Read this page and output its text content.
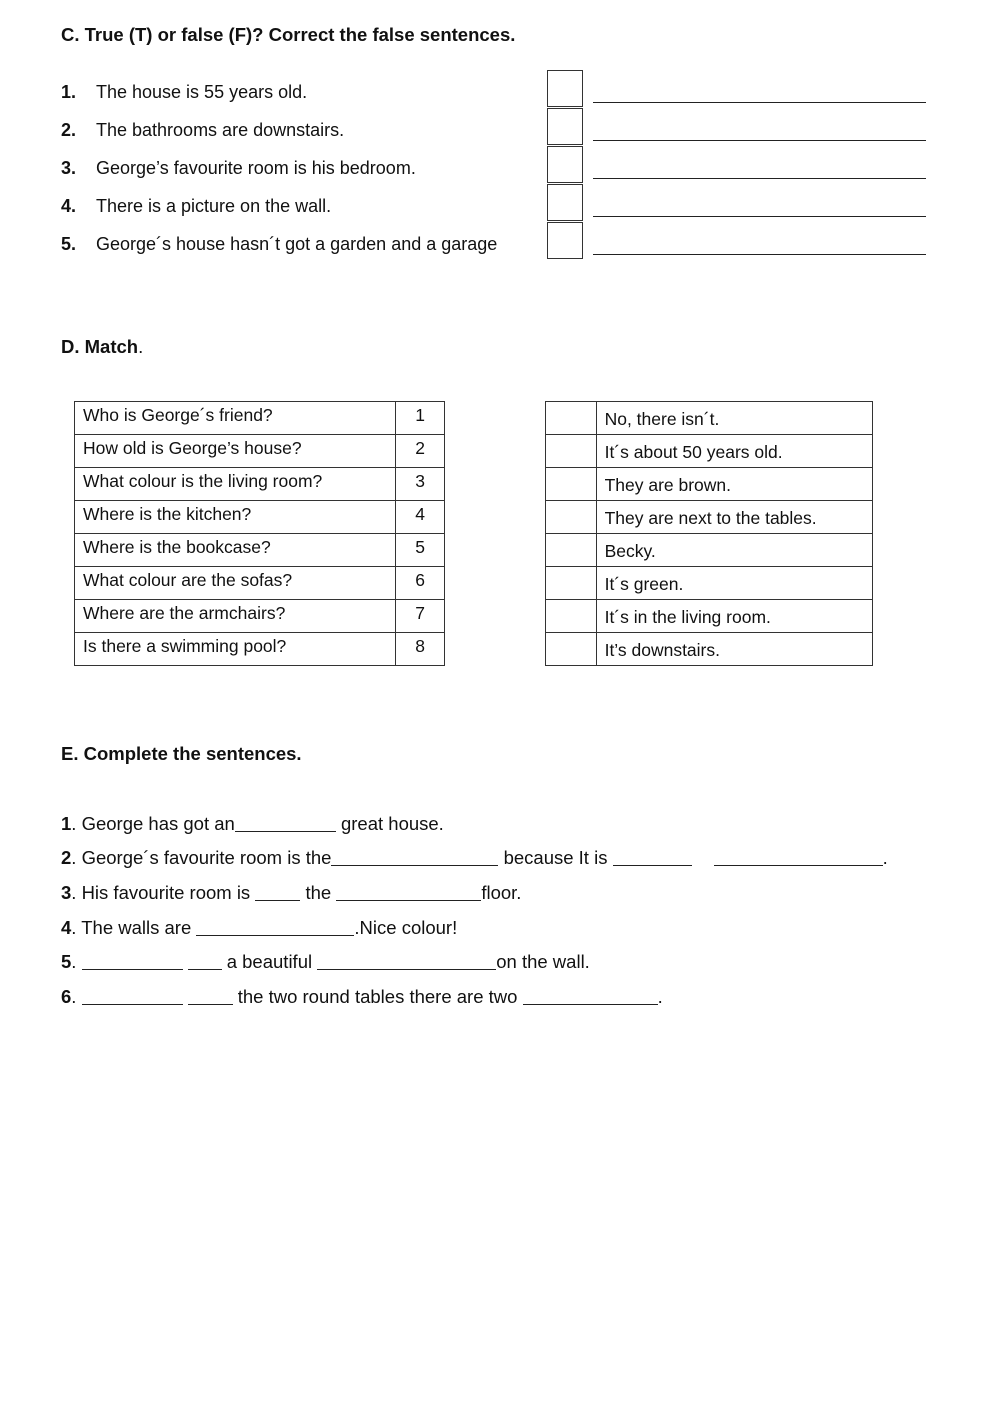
C. True (T) or false (F)? Correct the false sentences.
1. The house is 55 years old.
2. The bathrooms are downstairs.
3. George’s favourite room is his bedroom.
4. There is a picture on the wall.
5. George´s house hasn´t got a garden and a garage
D. Match.
Who is George´s friend?	1
How old is George’s house?	2
What colour is the living room?	3
Where is the kitchen?	4
Where is the bookcase?	5
What colour are the sofas?	6
Where are the armchairs?	7
Is there a swimming pool?	8
	No, there isn´t.
	It´s about 50 years old.
	They are brown.
	They are next to the tables.
	Becky.
	It´s green.
	It´s in the living room.
	It’s downstairs.
E. Complete the sentences.
1. George has got an	great house.
2. George´s favourite room is the	because It is	.
3. His favourite room is  the	floor.
4. The walls are	.Nice colour!
5.	a beautiful	on the wall.
6.	the two round tables there are two	.
